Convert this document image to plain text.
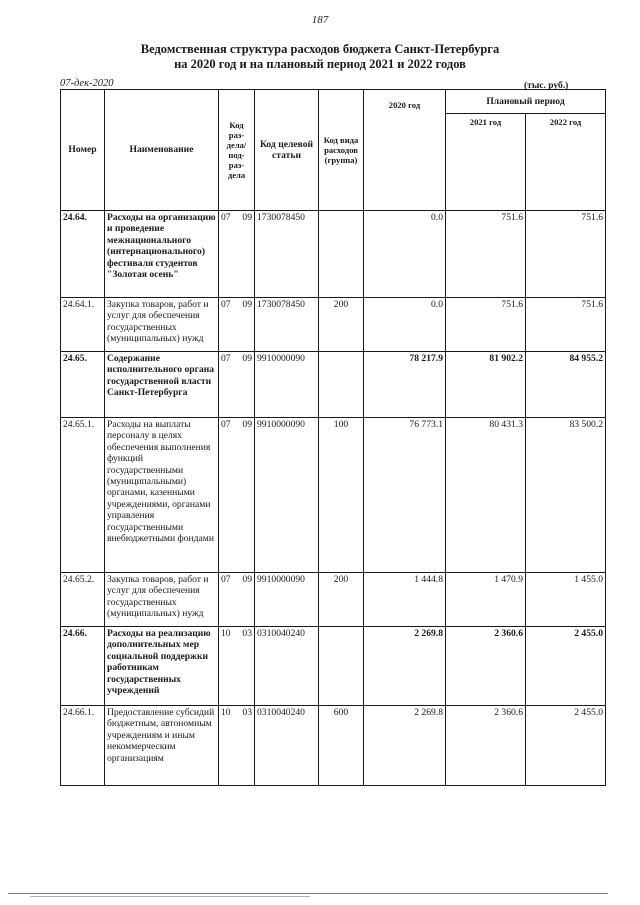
187
Ведомственная структура расходов бюджета Санкт-Петербурга
на 2020 год и на плановый период 2021 и 2022 годов
07-дек-2020	(тыс. руб.)
Номер	Наименование	Код раз-дела/ под-раз-дела		Код целевой статьи	Код вида расходов (группа)	2020 год	Плановый период	
							2021 год	2022 год
24.64.	Расходы на организацию и проведение межнационального (интернационального) фестиваля студентов "Золотая осень"	07	09	1730078450		0.0	751.6	751.6
24.64.1.	Закупка товаров, работ и услуг для обеспечения государственных (муниципальных) нужд	07	09	1730078450	200	0.0	751.6	751.6
24.65.	Содержание исполнительного органа государственной власти Санкт-Петербурга	07	09	9910000090		78 217.9	81 902.2	84 955.2
24.65.1.	Расходы на выплаты персоналу в целях обеспечения выполнения функций государственными (муниципальными) органами, казенными учреждениями, органами управления государственными внебюджетными фондами	07	09	9910000090	100	76 773.1	80 431.3	83 500.2
24.65.2.	Закупка товаров, работ и услуг для обеспечения государственных (муниципальных) нужд	07	09	9910000090	200	1 444.8	1 470.9	1 455.0
24.66.	Расходы на реализацию дополнительных мер социальной поддержки работникам государственных учреждений	10	03	0310040240		2 269.8	2 360.6	2 455.0
24.66.1.	Предоставление субсидий бюджетным, автономным учреждениям и иным некоммерческим организациям	10	03	0310040240	600	2 269.8	2 360.6	2 455.0
